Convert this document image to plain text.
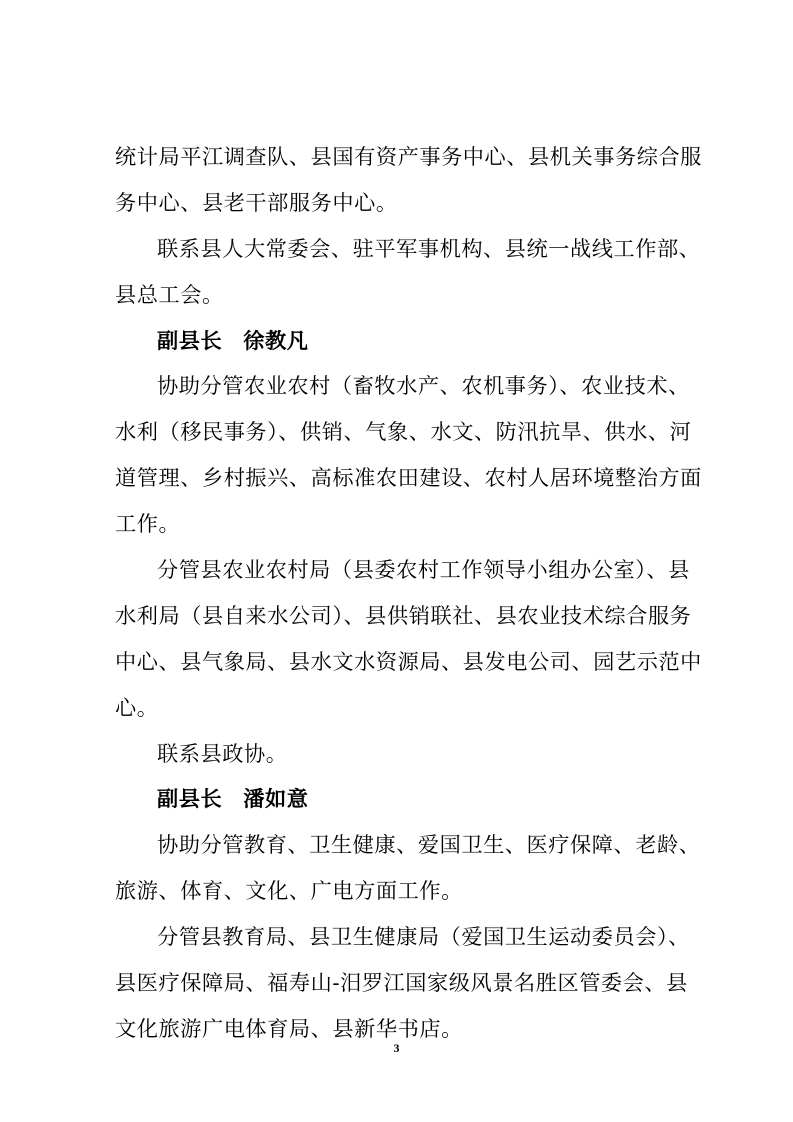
统计局平江调查队、县国有资产事务中心、县机关事务综合服
务中心、县老干部服务中心。
联系县人大常委会、驻平军事机构、县统一战线工作部、
县总工会。
副县长 徐教凡
协助分管农业农村（畜牧水产、农机事务）、农业技术、
水利（移民事务）、供销、气象、水文、防汛抗旱、供水、河
道管理、乡村振兴、高标准农田建设、农村人居环境整治方面
工作。
分管县农业农村局（县委农村工作领导小组办公室）、县
水利局（县自来水公司）、县供销联社、县农业技术综合服务
中心、县气象局、县水文水资源局、县发电公司、园艺示范中
心。
联系县政协。
副县长 潘如意
协助分管教育、卫生健康、爱国卫生、医疗保障、老龄、
旅游、体育、文化、广电方面工作。
分管县教育局、县卫生健康局（爱国卫生运动委员会）、
县医疗保障局、福寿山-汨罗江国家级风景名胜区管委会、县
文化旅游广电体育局、县新华书店。
3
